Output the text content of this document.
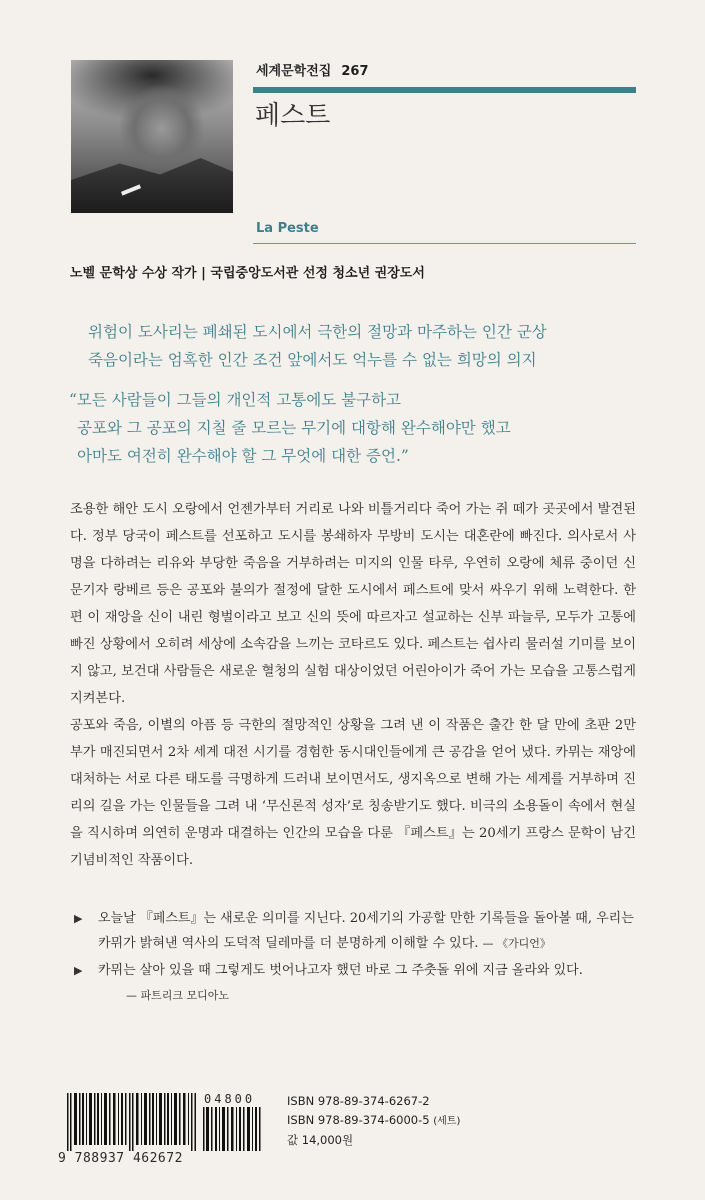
세계문학전집 267
페스트
La Peste
노벨 문학상 수상 작가 | 국립중앙도서관 선정 청소년 권장도서
위험이 도사리는 폐쇄된 도시에서 극한의 절망과 마주하는 인간 군상
죽음이라는 엄혹한 인간 조건 앞에서도 억누를 수 없는 희망의 의지
“모든 사람들이 그들의 개인적 고통에도 불구하고
공포와 그 공포의 지칠 줄 모르는 무기에 대항해 완수해야만 했고
아마도 여전히 완수해야 할 그 무엇에 대한 증언.”

조용한 해안 도시 오랑에서 언젠가부터 거리로 나와 비틀거리다 죽어 가는 쥐 떼가 곳곳에서 발견된다. 정부 당국이 페스트를 선포하고 도시를 봉쇄하자 무방비 도시는 대혼란에 빠진다. 의사로서 사명을 다하려는 리유와 부당한 죽음을 거부하려는 미지의 인물 타루, 우연히 오랑에 체류 중이던 신문기자 랑베르 등은 공포와 불의가 절정에 달한 도시에서 페스트에 맞서 싸우기 위해 노력한다. 한편 이 재앙을 신이 내린 형벌이라고 보고 신의 뜻에 따르자고 설교하는 신부 파늘루, 모두가 고통에 빠진 상황에서 오히려 세상에 소속감을 느끼는 코타르도 있다. 페스트는 쉽사리 물러설 기미를 보이지 않고, 보건대 사람들은 새로운 혈청의 실험 대상이었던 어린아이가 죽어 가는 모습을 고통스럽게 지켜본다.

공포와 죽음, 이별의 아픔 등 극한의 절망적인 상황을 그려 낸 이 작품은 출간 한 달 만에 초판 2만 부가 매진되면서 2차 세계 대전 시기를 경험한 동시대인들에게 큰 공감을 얻어 냈다. 카뮈는 재앙에 대처하는 서로 다른 태도를 극명하게 드러내 보이면서도, 생지옥으로 변해 가는 세계를 거부하며 진리의 길을 가는 인물들을 그려 내 ‘무신론적 성자’로 칭송받기도 했다. 비극의 소용돌이 속에서 현실을 직시하며 의연히 운명과 대결하는 인간의 모습을 다룬 『페스트』는 20세기 프랑스 문학이 남긴 기념비적인 작품이다.

▶ 오늘날 『페스트』는 새로운 의미를 지닌다. 20세기의 가공할 만한 기록들을 돌아볼 때, 우리는 카뮈가 밝혀낸 역사의 도덕적 딜레마를 더 분명하게 이해할 수 있다. — 《가디언》
▶ 카뮈는 살아 있을 때 그렇게도 벗어나고자 했던 바로 그 주춧돌 위에 지금 올라와 있다.
— 파트리크 모디아노
9 788937 462672
04800	ISBN 978-89-374-6267-2
ISBN 978-89-374-6000-5 (세트)
값 14,000원
